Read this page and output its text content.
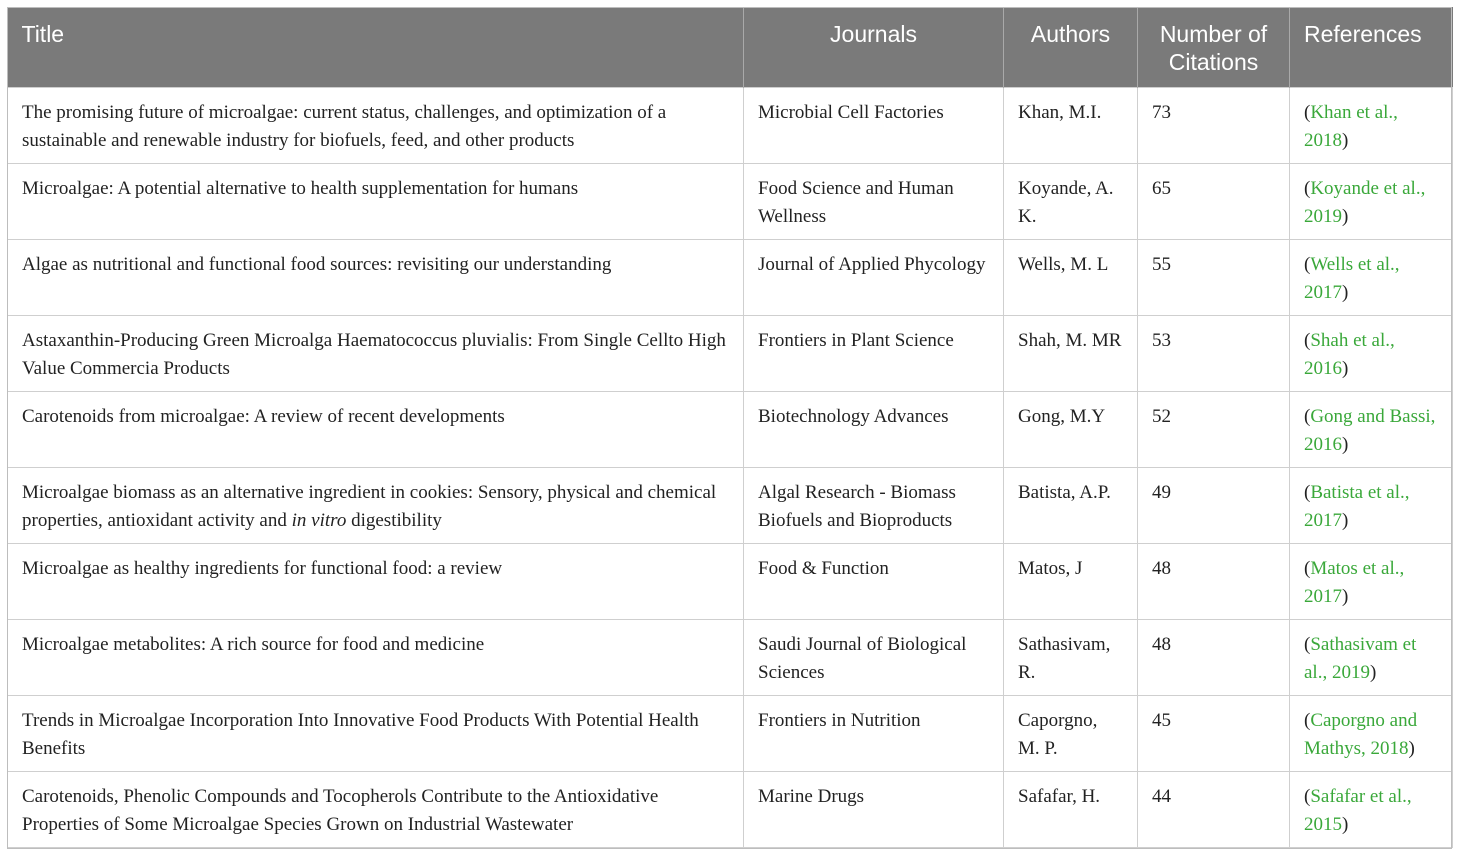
Title	Journals	Authors	Number of Citations	References
The promising future of microalgae: current status, challenges, and optimization of a sustainable and renewable industry for biofuels, feed, and other products	Microbial Cell Factories	Khan, M.I.	73	(Khan et al., 2018)
Microalgae: A potential alternative to health supplementation for humans	Food Science and Human Wellness	Koyande, A. K.	65	(Koyande et al., 2019)
Algae as nutritional and functional food sources: revisiting our understanding	Journal of Applied Phycology	Wells, M. L	55	(Wells et al., 2017)
Astaxanthin-Producing Green Microalga Haematococcus pluvialis: From Single Cellto High Value Commercia Products	Frontiers in Plant Science	Shah, M. MR	53	(Shah et al., 2016)
Carotenoids from microalgae: A review of recent developments	Biotechnology Advances	Gong, M.Y	52	(Gong and Bassi, 2016)
Microalgae biomass as an alternative ingredient in cookies: Sensory, physical and chemical properties, antioxidant activity and in vitro digestibility	Algal Research - Biomass Biofuels and Bioproducts	Batista, A.P.	49	(Batista et al., 2017)
Microalgae as healthy ingredients for functional food: a review	Food & Function	Matos, J	48	(Matos et al., 2017)
Microalgae metabolites: A rich source for food and medicine	Saudi Journal of Biological Sciences	Sathasivam, R.	48	(Sathasivam et al., 2019)
Trends in Microalgae Incorporation Into Innovative Food Products With Potential Health Benefits	Frontiers in Nutrition	Caporgno, M. P.	45	(Caporgno and Mathys, 2018)
Carotenoids, Phenolic Compounds and Tocopherols Contribute to the Antioxidative Properties of Some Microalgae Species Grown on Industrial Wastewater	Marine Drugs	Safafar, H.	44	(Safafar et al., 2015)
